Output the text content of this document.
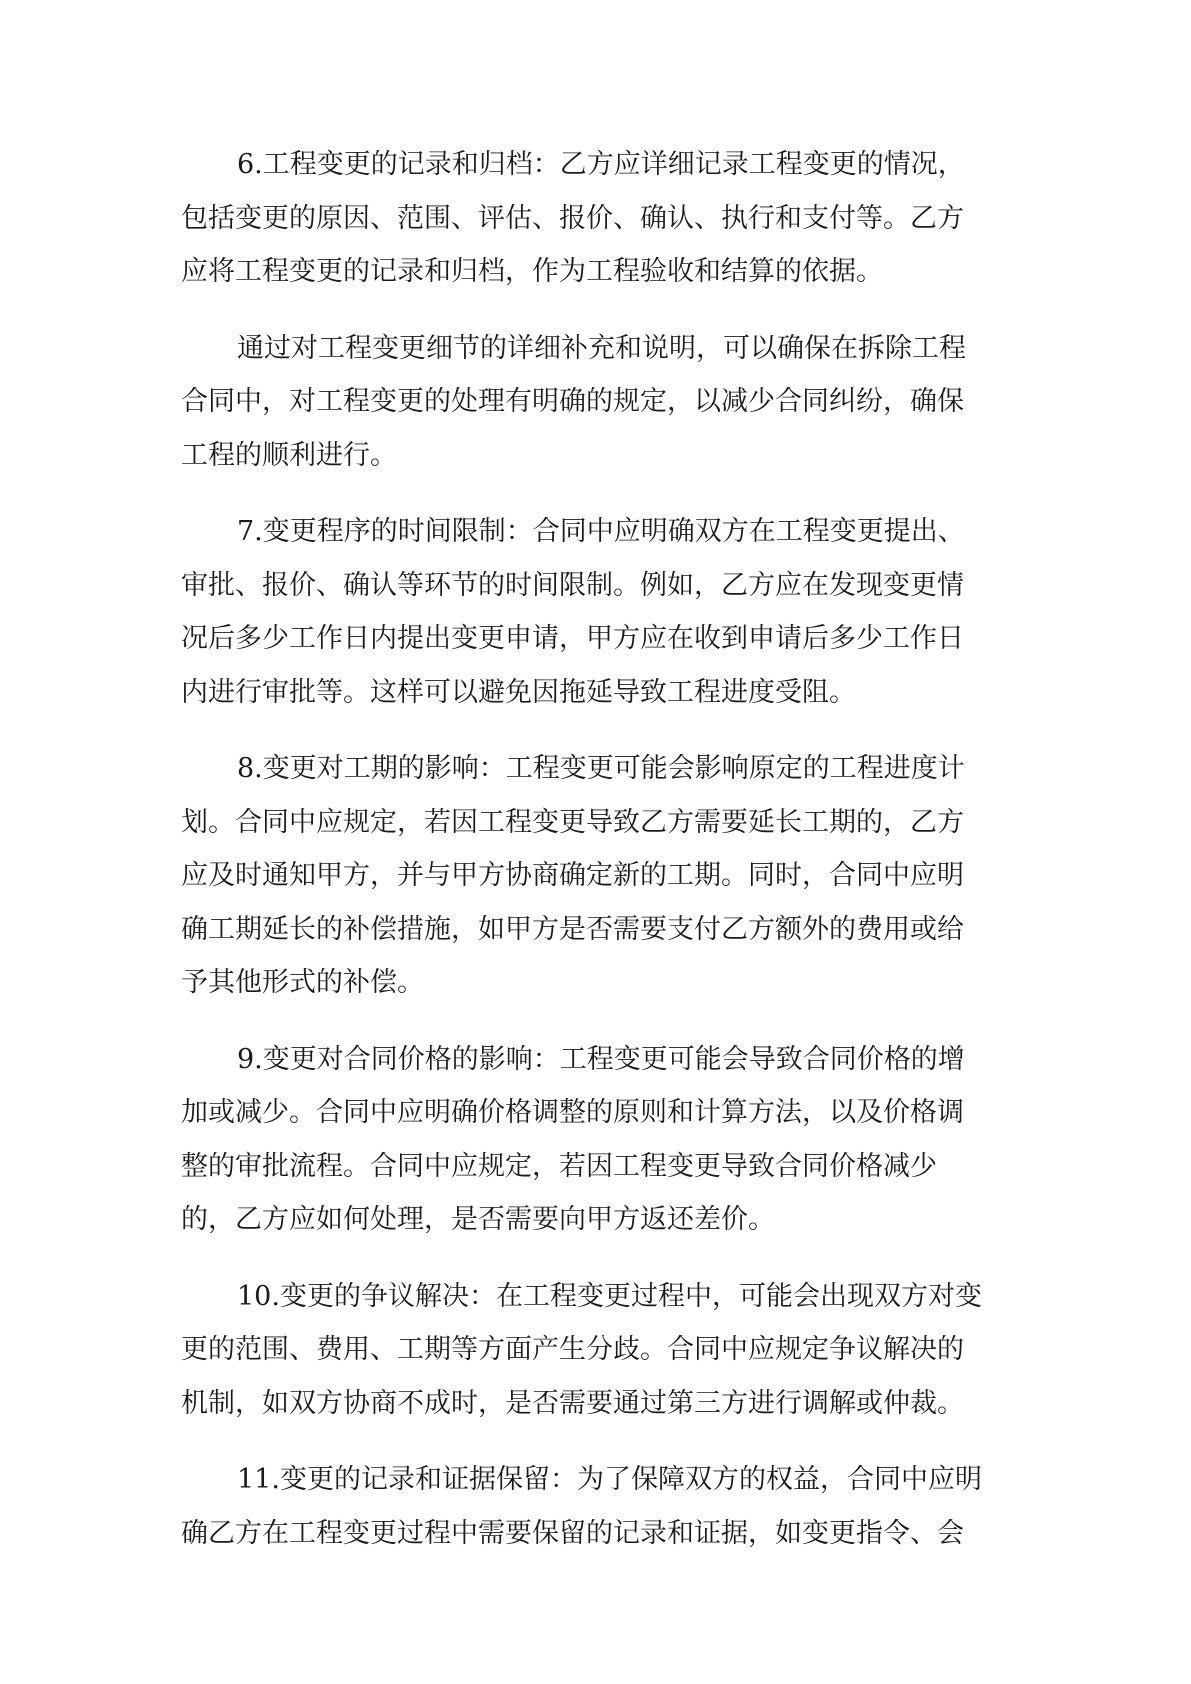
6.工程变更的记录和归档：乙方应详细记录工程变更的情况，
包括变更的原因、范围、评估、报价、确认、执行和支付等。乙方
应将工程变更的记录和归档，作为工程验收和结算的依据。

通过对工程变更细节的详细补充和说明，可以确保在拆除工程
合同中，对工程变更的处理有明确的规定，以减少合同纠纷，确保
工程的顺利进行。

7.变更程序的时间限制：合同中应明确双方在工程变更提出、
审批、报价、确认等环节的时间限制。例如，乙方应在发现变更情
况后多少工作日内提出变更申请，甲方应在收到申请后多少工作日
内进行审批等。这样可以避免因拖延导致工程进度受阻。

8.变更对工期的影响：工程变更可能会影响原定的工程进度计
划。合同中应规定，若因工程变更导致乙方需要延长工期的，乙方
应及时通知甲方，并与甲方协商确定新的工期。同时，合同中应明
确工期延长的补偿措施，如甲方是否需要支付乙方额外的费用或给
予其他形式的补偿。

9.变更对合同价格的影响：工程变更可能会导致合同价格的增
加或减少。合同中应明确价格调整的原则和计算方法，以及价格调
整的审批流程。合同中应规定，若因工程变更导致合同价格减少
的，乙方应如何处理，是否需要向甲方返还差价。

10.变更的争议解决：在工程变更过程中，可能会出现双方对变
更的范围、费用、工期等方面产生分歧。合同中应规定争议解决的
机制，如双方协商不成时，是否需要通过第三方进行调解或仲裁。

11.变更的记录和证据保留：为了保障双方的权益，合同中应明
确乙方在工程变更过程中需要保留的记录和证据，如变更指令、会
